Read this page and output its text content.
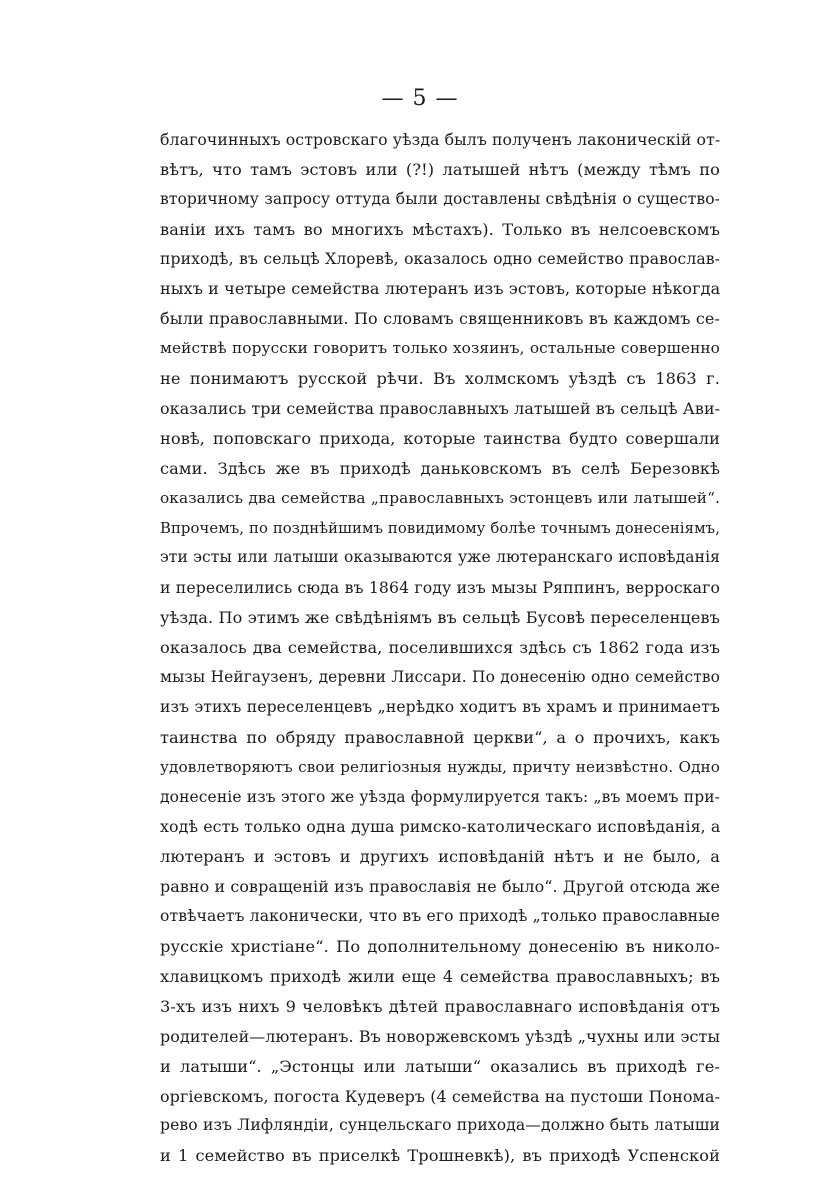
— 5 —
благочинныхъ островскаго уѣзда былъ полученъ лаконическій от-
вѣтъ, что тамъ эстовъ или (?!) латышей нѣтъ (между тѣмъ по
вторичному запросу оттуда были доставлены свѣдѣнія о существо-
ваніи ихъ тамъ во многихъ мѣстахъ). Только въ нелсоевскомъ
приходѣ, въ сельцѣ Хлоревѣ, оказалось одно семейство православ-
ныхъ и четыре семейства лютеранъ изъ эстовъ, которые нѣкогда
были православными. По словамъ священниковъ въ каждомъ се-
мействѣ порусски говоритъ только хозяинъ, остальные совершенно
не понимаютъ русской рѣчи. Въ холмскомъ уѣздѣ съ 1863 г.
оказались три семейства православныхъ латышей въ сельцѣ Ави-
новѣ, поповскаго прихода, которые таинства будто совершали
сами. Здѣсь же въ приходѣ даньковскомъ въ селѣ Березовкѣ
оказались два семейства „православныхъ эстонцевъ или латышей“.
Впрочемъ, по позднѣйшимъ повидимому болѣе точнымъ донесеніямъ,
эти эсты или латыши оказываются уже лютеранскаго исповѣданія
и переселились сюда въ 1864 году изъ мызы Ряппинъ, верроскаго
уѣзда. По этимъ же свѣдѣніямъ въ сельцѣ Бусовѣ переселенцевъ
оказалось два семейства, поселившихся здѣсь съ 1862 года изъ
мызы Нейгаузенъ, деревни Лиссари. По донесенію одно семейство
изъ этихъ переселенцевъ „нерѣдко ходитъ въ храмъ и принимаетъ
таинства по обряду православной церкви“, а о прочихъ, какъ
удовлетворяютъ свои религіозныя нужды, причту неизвѣстно. Одно
донесеніе изъ этого же уѣзда формулируется такъ: „въ моемъ при-
ходѣ есть только одна душа римско-католическаго исповѣданія, а
лютеранъ и эстовъ и другихъ исповѣданій нѣтъ и не было, а
равно и совращеній изъ православія не было“. Другой отсюда же
отвѣчаетъ лаконически, что въ его приходѣ „только православные
русскіе христіане“. По дополнительному донесенію въ николо-
хлавицкомъ приходѣ жили еще 4 семейства православныхъ; въ
3-хъ изъ нихъ 9 человѣкъ дѣтей православнаго исповѣданія отъ
родителей—лютеранъ. Въ новоржевскомъ уѣздѣ „чухны или эсты
и латыши“. „Эстонцы или латыши“ оказались въ приходѣ ге-
оргіевскомъ, погоста Кудеверъ (4 семейства на пустоши Понома-
рево изъ Лифляндіи, сунцельскаго прихода—должно быть латыши
и 1 семейство въ приселкѣ Трошневкѣ), въ приходѣ Успенской
